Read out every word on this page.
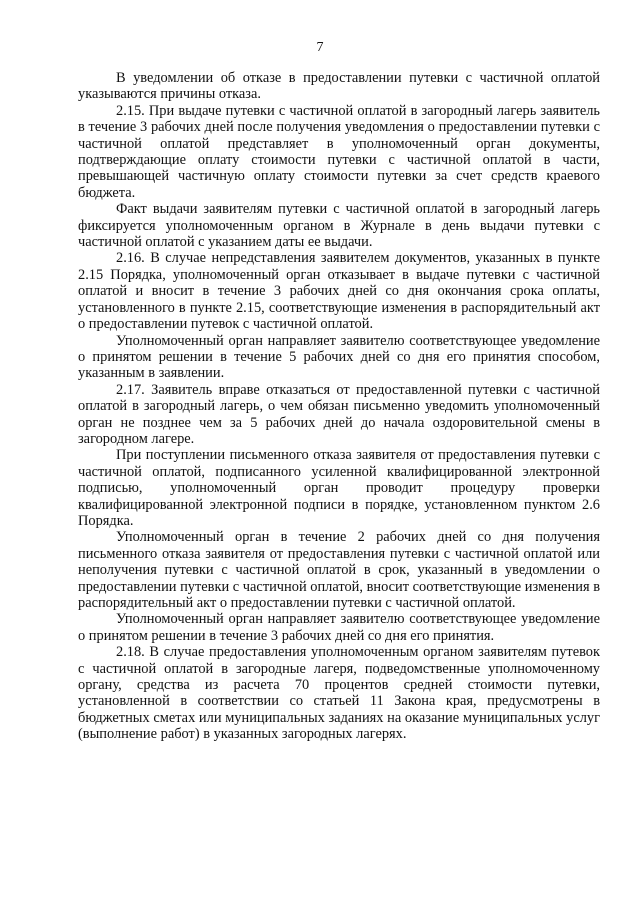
7

В уведомлении об отказе в предоставлении путевки с частичной оплатой указываются причины отказа.

2.15. При выдаче путевки с частичной оплатой в загородный лагерь заявитель в течение 3 рабочих дней после получения уведомления о предоставлении путевки с частичной оплатой представляет в уполномоченный орган документы, подтверждающие оплату стоимости путевки с частичной оплатой в части, превышающей частичную оплату стоимости путевки за счет средств краевого бюджета.

Факт выдачи заявителям путевки с частичной оплатой в загородный лагерь фиксируется уполномоченным органом в Журнале в день выдачи путевки с частичной оплатой с указанием даты ее выдачи.

2.16. В случае непредставления заявителем документов, указанных в пункте 2.15 Порядка, уполномоченный орган отказывает в выдаче путевки с частичной оплатой и вносит в течение 3 рабочих дней со дня окончания срока оплаты, установленного в пункте 2.15, соответствующие изменения в распорядительный акт о предоставлении путевок с частичной оплатой.

Уполномоченный орган направляет заявителю соответствующее уведомление о принятом решении в течение 5 рабочих дней со дня его принятия способом, указанным в заявлении.

2.17. Заявитель вправе отказаться от предоставленной путевки с частичной оплатой в загородный лагерь, о чем обязан письменно уведомить уполномоченный орган не позднее чем за 5 рабочих дней до начала оздоровительной смены в загородном лагере.

При поступлении письменного отказа заявителя от предоставления путевки с частичной оплатой, подписанного усиленной квалифицированной электронной подписью, уполномоченный орган проводит процедуру проверки квалифицированной электронной подписи в порядке, установленном пунктом 2.6 Порядка.

Уполномоченный орган в течение 2 рабочих дней со дня получения письменного отказа заявителя от предоставления путевки с частичной оплатой или неполучения путевки с частичной оплатой в срок, указанный в уведомлении о предоставлении путевки с частичной оплатой, вносит соответствующие изменения в распорядительный акт о предоставлении путевки с частичной оплатой.

Уполномоченный орган направляет заявителю соответствующее уведомление о принятом решении в течение 3 рабочих дней со дня его принятия.

2.18. В случае предоставления уполномоченным органом заявителям путевок с частичной оплатой в загородные лагеря, подведомственные уполномоченному органу, средства из расчета 70 процентов средней стоимости путевки, установленной в соответствии со статьей 11 Закона края, предусмотрены в бюджетных сметах или муниципальных заданиях на оказание муниципальных услуг (выполнение работ) в указанных загородных лагерях.
